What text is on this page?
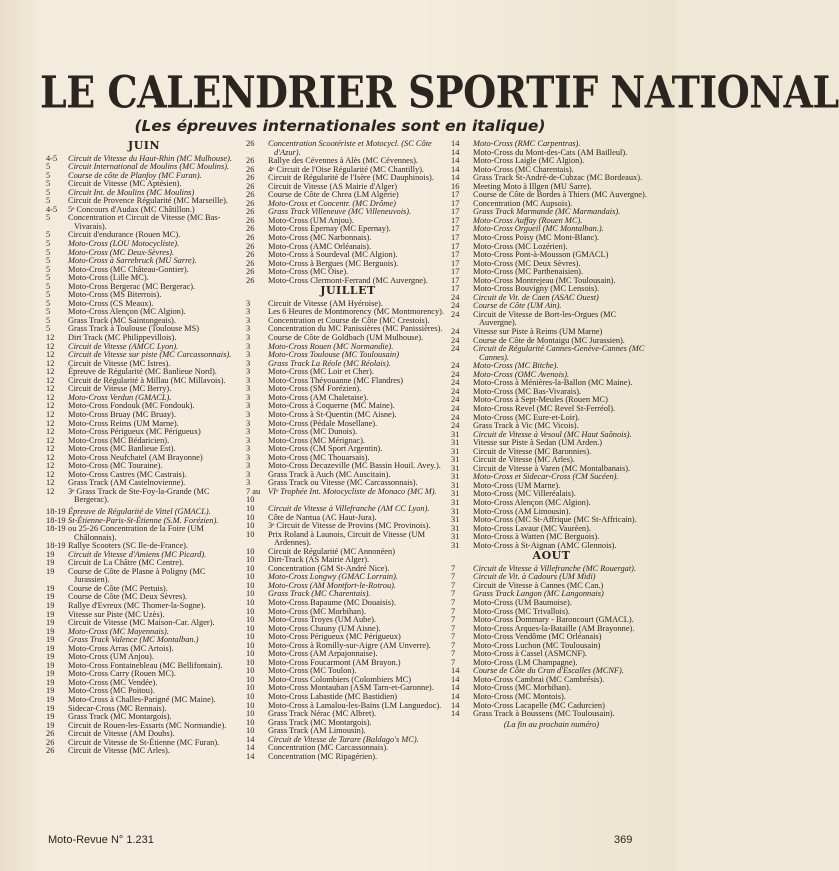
LE CALENDRIER SPORTIF NATIONAL
(Les épreuves internationales sont en italique)
JUIN
4-5	Circuit de Vitesse du Haut-Rhin (MC Mulhouse).
5	Circuit International de Moulins (MC Moulins).
5	Course de côte de Planfoy (MC Furan).
5	Circuit de Vitesse (MC Aptésien).
5	Circuit Int. de Moulins (MC Moulins)
5	Circuit de Provence Régularité (MC Marseille).
4-5	5ᵉ Concours d'Audax (MC Châtillon.)
5	Concentration et Circuit de Vitesse (MC Bas-Vivarais).
5	Circuit d'endurance (Rouen MC).
5	Moto-Cross (LOU Motocycliste).
5	Moto-Cross (MC Deux-Sèvres).
5	Moto-Cross à Sarrebruck (MU Sarre).
5	Moto-Cross (MC Château-Gontier).
5	Moto-Cross (Lille MC).
5	Moto-Cross Bergerac (MC Bergerac).
5	Moto-Cross (MS Biterrois).
5	Moto-Cross (CS Meaux).
5	Moto-Cross Alençon (MC Algion).
5	Grass Track (MC Saintongeais).
5	Grass Track à Toulouse (Toulouse MS)
12	Dirt Track (MC Philippevillois).
12	Circuit de Vitesse (AMCC Lyon).
12	Circuit de Vitesse sur piste (MC Carcassonnais).
12	Circuit de Vitesse (MC Istres).
12	Épreuve de Régularité (MC Banlieue Nord).
12	Circuit de Régularité à Millau (MC Millavois).
12	Circuit de Vitesse (MC Berry).
12	Moto-Cross Verdun (GMACL).
12	Moto-Cross Fondouk (MC Fondouk).
12	Moto-Cross Bruay (MC Bruay).
12	Moto-Cross Reims (UM Marne).
12	Moto-Cross Périgueux (MC Périgueux)
12	Moto-Cross (MC Bédaricien).
12	Moto-Cross (MC Banlieue Est).
12	Moto-Cross Neufchatel (AM Brayonne)
12	Moto-Cross (MC Touraine).
12	Moto-Cross Castres (MC Castrais).
12	Grass Track (AM Castelnovienne).
12	3ᵉ Grass Track de Ste-Foy-la-Grande (MC Bergerac).
18-19 Épreuve de Régularité de Vittel (GMACL).
18-19 St-Étienne-Paris-St-Étienne (S.M. Forézien).
18-19 ou 25-26 Concentration de la Foire (UM Châlonnais).
18-19 Rallye Scooters (SC Ile-de-France).
19	Circuit de Vitesse d'Amiens (MC Picard).
19	Circuit de La Châtre (MC Centre).
19	Course de Côte de Plasne à Poligny (MC Jurassien).
19	Course de Côte (MC Pertuis).
19	Course de Côte (MC Deux Sèvres).
19	Rallye d'Evreux (MC Thomer-la-Sogne).
19	Vitesse sur Piste (MC Uzès).
19	Circuit de Vitesse (MC Maison-Car. Alger).
19	Moto-Cross (MC Mayennais).
19	Grass Track Valence (MC Montalban.)
19	Moto-Cross Arras (MC Artois).
19	Moto-Cross (UM Anjou).
19	Moto-Cross Fontainebleau (MC Bellifontain).
19	Moto-Cross Carry (Rouen MC).
19	Moto-Cross (MC Vendée).
19	Moto-Cross (MC Poitou).
19	Moto-Cross à Challes-Parigné (MC Maine).
19	Sidecar-Cross (MC Rennais).
19	Grass Track (MC Montargois).
19	Circuit de Rouen-les-Essarts (MC Normandie).
26	Circuit de Vitesse (AM Doubs).
26	Circuit de Vitesse de St-Étienne (MC Furan).
26	Circuit de Vitesse (MC Arles).
26	Concentration Scootériste et Motocycl. (SC Côte d'Azur).
26	Rallye des Cévennes à Alès (MC Cévennes).
26	4ᵉ Circuit de l'Oise Régularité (MC Chantilly).
26	Circuit de Régularité de l'Isère (MC Dauphinois).
26	Circuit de Vitesse (AS Mairie d'Alger)
26	Course de Côte de Chrea (LM Algérie)
26	Moto-Cross et Concentr. (MC Drôme)
26	Grass Track Villeneuve (MC Villeneuvois).
26	Moto-Cross (UM Anjou).
26	Moto-Cross Epernay (MC Epernay).
26	Moto-Cross (MC Narbonnais).
26	Moto-Cross (AMC Orléanais).
26	Moto-Cross à Sourdeval (MC Algion).
26	Moto-Cross à Bergues (MC Berguois).
26	Moto-Cross (MC Oise).
26	Moto-Cross Clermont-Ferrand (MC Auvergne).
JUILLET
3	Circuit de Vitesse (AM Hyéroise).
3	Les 6 Heures de Montmorency (MC Montmorency).
3	Concentration et Course de Côte (MC Crestois).
3	Concentration du MC Panissières (MC Panissières).
3	Course de Côte de Goldbach (UM Mulhouse).
3	Moto-Cross Rouen (MC Normandie).
3	Moto-Cross Toulouse (MC Toulousain)
3	Grass Track La Réole (MC Réolais).
3	Moto-Cross (MC Loir et Cher).
3	Moto-Cross Théyouanne (MC Flandres)
3	Moto-Cross (SM Forézien).
3	Moto-Cross (AM Chaletaise).
3	Moto-Cross à Coquerne (MC Maine).
3	Moto-Cross à St-Quentin (MC Aisne).
3	Moto-Cross (Pédale Mosellane).
3	Moto-Cross (MC Dunois).
3	Moto-Cross (MC Mérignac).
3	Moto-Cross (CM Sport Argentin).
3	Moto-Cross (MC Thouarsais).
3	Moto-Cross Decazeville (MC Bassin Houil. Avey.).
3	Grass Track à Auch (MC Auscitain).
3	Grass Track ou Vitesse (MC Carcassonnais).
7 au 10
VIᵉ Trophée Int. Motocycliste de Monaco (MC M).
10	Circuit de Vitesse à Villefranche (AM CC Lyon).
10	Côte de Nantua (AC Haut-Jura).
10	3ᵉ Circuit de Vitesse de Provins (MC Provinois).
10	Prix Roland à Launois, Circuit de Vitesse (UM Ardennes).
10	Circuit de Régularité (MC Annonéen)
10	Dirt-Track (AS Mairie Alger).
10	Concentration (GM St-André Nice).
10	Moto-Cross Longwy (GMAC Lorrain).
10	Moto-Cross (AM Montfort-le-Rotrou).
10	Grass Track (MC Charentais).
10	Moto-Cross Bapaume (MC Douaisis).
10	Moto-Cross (MC Morbihan).
10	Moto-Cross Troyes (UM Aube).
10	Moto-Cross Chauny (UM Aisne).
10	Moto-Cross Périgueux (MC Périgueux)
10	Moto-Cross à Romilly-sur-Aigre (AM Unverre).
10	Moto-Cross (AM Arpajonnaise).
10	Moto-Cross Foucarmont (AM Brayon.)
10	Moto-Cross (MC Toulon).
10	Moto-Cross Colombiers (Colombiers MC)
10	Moto-Cross Montauban (ASM Tarn-et-Garonne).
10	Moto-Cross Labastide (MC Bastidien)
10	Moto-Cross à Lamalou-les-Bains (LM Languedoc).
10	Grass Track Nérac (MC Albret).
10	Grass Track (MC Montargois).
10	Grass Track (AM Limousin).
14	Circuit de Vitesse de Tarare (Baldago's MC).
14	Concentration (MC Carcassonnais).
14	Concentration (MC Ripagérien).
14	Moto-Cross (RMC Carpentras).
14	Moto-Cross du Mont-des-Cats (AM Bailleul).
14	Moto-Cross Laigle (MC Algion).
14	Moto-Cross (MC Charentais).
14	Grass Track St-André-de-Cubzac (MC Bordeaux).
16	Meeting Moto à Illgen (MU Sarre).
17	Course de Côte de Bordes à Thiers (MC Auvergne).
17	Concentration (MC Aupsois).
17	Grass Track Marmande (MC Marmandais).
17	Moto-Cross Auffay (Rouen MC).
17	Moto-Cross Orgueil (MC Montalban.).
17	Moto-Cross Poisy (MC Mont-Blanc).
17	Moto-Cross (MC Lozérien).
17	Moto-Cross Pont-à-Mousson (GMACL)
17	Moto-Cross (MC Deux Sèvres).
17	Moto-Cross (MC Parthenaisien).
17	Moto-Cross Montrejeau (MC Toulousain).
17	Moto-Cross Bouvigny (MC Lensois).
24	Circuit de Vit. de Caen (ASAC Ouest)
24	Course de Côte (UM Ain).
24	Circuit de Vitesse de Bort-les-Orgues (MC Auvergne).
24	Vitesse sur Piste à Reims (UM Marne)
24	Course de Côte de Montaigu (MC Jurassien).
24	Circuit de Régularité Cannes-Genève-Cannes (MC Cannes).
24	Moto-Cross (MC Bitche).
24	Moto-Cross (OMC Avenois).
24	Moto-Cross à Ménières-la-Ballon (MC Maine).
24	Moto-Cross (MC Bas-Vivarais).
24	Moto-Cross à Sept-Meules (Rouen MC)
24	Moto-Cross Revel (MC Revel St-Ferréol).
24	Moto-Cross (MC Eure-et-Loir).
24	Grass Track à Vic (MC Vicois).
31	Circuit de Vitesse à Vesoul (MC Haut Saônois).
31	Vitesse sur Piste à Sedan (UM Arden.)
31	Circuit de Vitesse (MC Baronnies).
31	Circuit de Vitesse (MC Arles).
31	Circuit de Vitesse à Varen (MC Montalbanais).
31	Moto-Cross et Sidecar-Cross (CM Sucéen).
31	Moto-Cross (UM Marne).
31	Moto-Cross (MC Villeréalais).
31	Moto-Cross Alençon (MC Algion).
31	Moto-Cross (AM Limousin).
31	Moto-Cross (MC St-Affrique (MC St-Affricain).
31	Moto-Cross Lavaur (MC Vauréen).
31	Moto-Cross à Watten (MC Berguois).
31	Moto-Cross à St-Aignan (AMC Glennois).
AOUT
7	Circuit de Vitesse à Villefranche (MC Rouergat).
7	Circuit de Vit. à Cadours (UM Midi)
7	Circuit de Vitesse à Cannes (MC Can.)
7	Grass Track Langon (MC Langonnais)
7	Moto-Cross (UM Baumoise).
7	Moto-Cross (MC Trivallois).
7	Moto-Cross Dommary - Baroncourt (GMACL).
7	Moto-Cross Arques-la-Bataille (AM Brayonne).
7	Moto-Cross Vendôme (MC Orléanais)
7	Moto-Cross Luchon (MC Toulousain)
7	Moto-Cross à Cassel (ASMCNF).
7	Moto-Cross (LM Champagne).
14	Course de Côte du Cran d'Escalles (MCNF).
14	Moto-Cross Cambrai (MC Cambrésis).
14	Moto-Cross (MC Morbihan).
14	Moto-Cross (MC Montois).
14	Moto-Cross Lacapelle (MC Cadurcien)
14	Grass Track à Boussens (MC Toulousain).
(La fin au prochain numéro)
Moto-Revue N° 1.231	369
